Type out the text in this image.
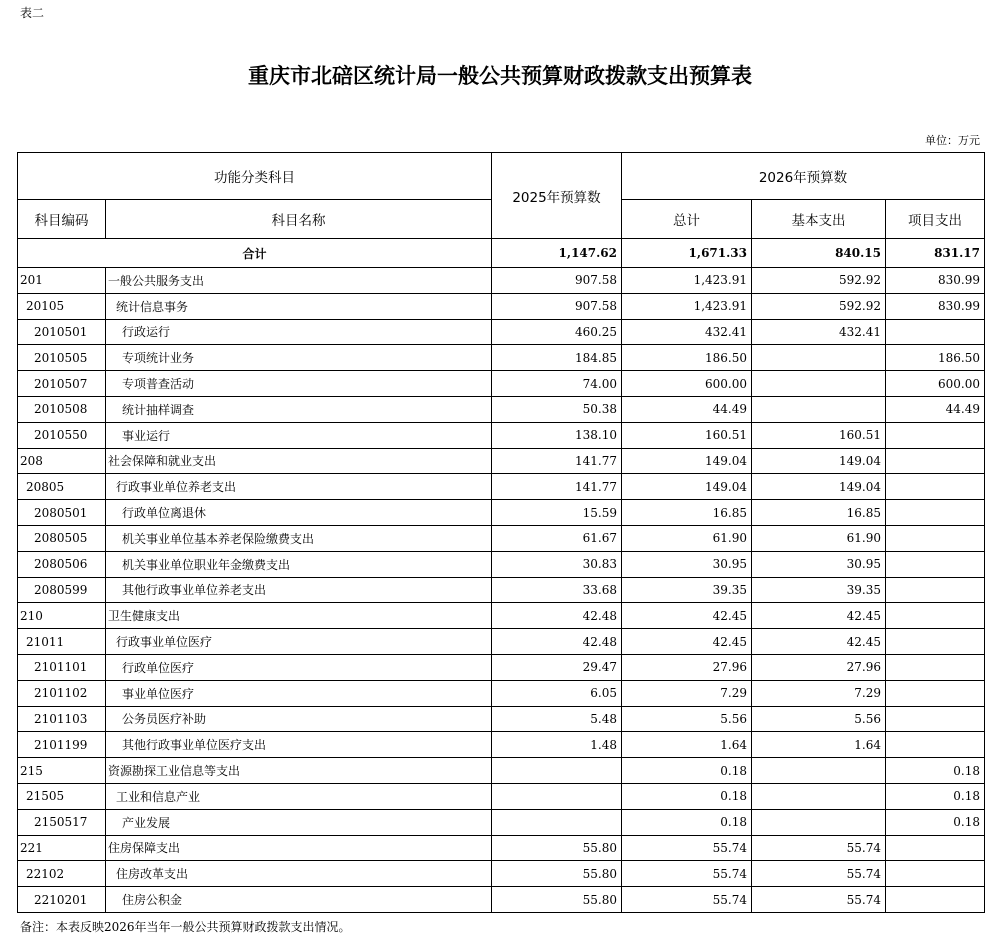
表二
重庆市北碚区统计局一般公共预算财政拨款支出预算表
单位：万元
功能分类科目		2025年预算数	2026年预算数		
科目编码	科目名称		总计	基本支出	项目支出
合计		1,147.62	1,671.33	840.15	831.17
201	一般公共服务支出	907.58	1,423.91	592.92	830.99
20105	统计信息事务	907.58	1,423.91	592.92	830.99
2010501	行政运行	460.25	432.41	432.41	
2010505	专项统计业务	184.85	186.50		186.50
2010507	专项普查活动	74.00	600.00		600.00
2010508	统计抽样调查	50.38	44.49		44.49
2010550	事业运行	138.10	160.51	160.51	
208	社会保障和就业支出	141.77	149.04	149.04	
20805	行政事业单位养老支出	141.77	149.04	149.04	
2080501	行政单位离退休	15.59	16.85	16.85	
2080505	机关事业单位基本养老保险缴费支出	61.67	61.90	61.90	
2080506	机关事业单位职业年金缴费支出	30.83	30.95	30.95	
2080599	其他行政事业单位养老支出	33.68	39.35	39.35	
210	卫生健康支出	42.48	42.45	42.45	
21011	行政事业单位医疗	42.48	42.45	42.45	
2101101	行政单位医疗	29.47	27.96	27.96	
2101102	事业单位医疗	6.05	7.29	7.29	
2101103	公务员医疗补助	5.48	5.56	5.56	
2101199	其他行政事业单位医疗支出	1.48	1.64	1.64	
215	资源勘探工业信息等支出		0.18		0.18
21505	工业和信息产业		0.18		0.18
2150517	产业发展		0.18		0.18
221	住房保障支出	55.80	55.74	55.74	
22102	住房改革支出	55.80	55.74	55.74	
2210201	住房公积金	55.80	55.74	55.74	
备注：本表反映2026年当年一般公共预算财政拨款支出情况。
